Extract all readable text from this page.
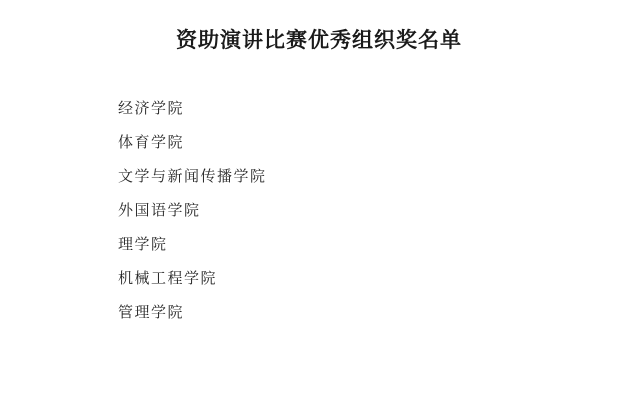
资助演讲比赛优秀组织奖名单
经济学院
体育学院
文学与新闻传播学院
外国语学院
理学院
机械工程学院
管理学院
